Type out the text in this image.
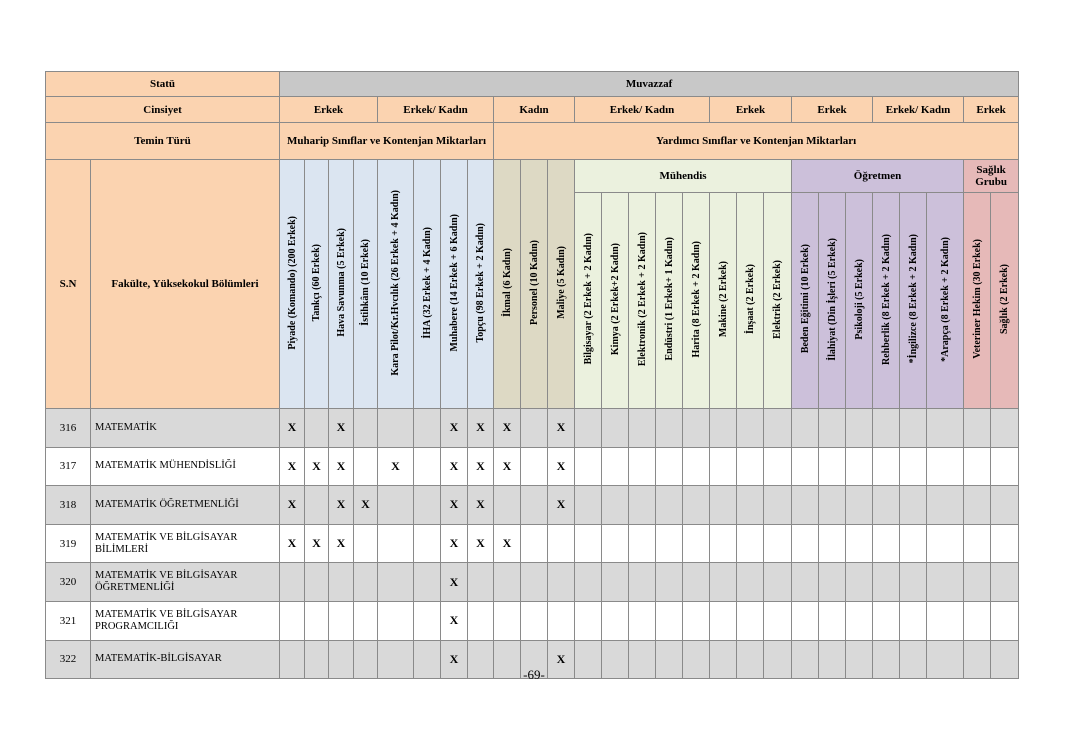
Statü		Muvazzaf																										
Cinsiyet		Erkek				Erkek/ Kadın				Kadın			Erkek/ Kadın					Erkek			Erkek			Erkek/ Kadın			Erkek	
Temin Türü		Muharip Sınıflar ve Kontenjan Miktarları								Yardımcı Sınıflar ve Kontenjan Miktarları																		
S.N	Fakülte, Yüksekokul Bölümleri	Piyade (Komando) (200 Erkek)	Tankçı (60 Erkek)	Hava Savunma (5 Erkek)	İstihkâm (10 Erkek)	Kara Pilot/Kr.Hvcılık (26 Erkek + 4 Kadın)	İHA (32 Erkek + 4 Kadın)	Muhabere (14 Erkek + 6 Kadın)	Topçu (98 Erkek + 2 Kadın)	İkmal (6 Kadın)	Personel (10 Kadın)	Maliye (5 Kadın)	Mühendis								Öğretmen						Sağlık Grubu	
													Bilgisayar (2 Erkek + 2 Kadın)	Kimya (2 Erkek+2 Kadın)	Elektronik (2 Erkek + 2 Kadın)	Endüstri (1 Erkek+ 1 Kadın)	Harita (8 Erkek + 2 Kadın)	Makine (2 Erkek)	İnşaat (2 Erkek)	Elektrik (2 Erkek)	Beden Eğitimi (10 Erkek)	İlahiyat (Din İşleri (5 Erkek)	Psikoloji (5 Erkek)	Rehberlik (8 Erkek + 2 Kadın)	*İngilizce (8 Erkek + 2 Kadın)	*Arapça (8 Erkek + 2 Kadın)	Veteriner Hekim (30 Erkek)	Sağlık (2 Erkek)
316	MATEMATİK	X		X				X	X	X		X																
317	MATEMATİK MÜHENDİSLİĞİ	X	X	X		X		X	X	X		X																
318	MATEMATİK ÖĞRETMENLİĞİ	X		X	X			X	X			X																
319	MATEMATİK VE BİLGİSAYAR BİLİMLERİ	X	X	X				X	X	X																		
320	MATEMATİK VE BİLGİSAYAR ÖĞRETMENLİĞİ							X																				
321	MATEMATİK VE BİLGİSAYAR PROGRAMCILIĞI							X																				
322	MATEMATİK-BİLGİSAYAR							X				X																
-69-
